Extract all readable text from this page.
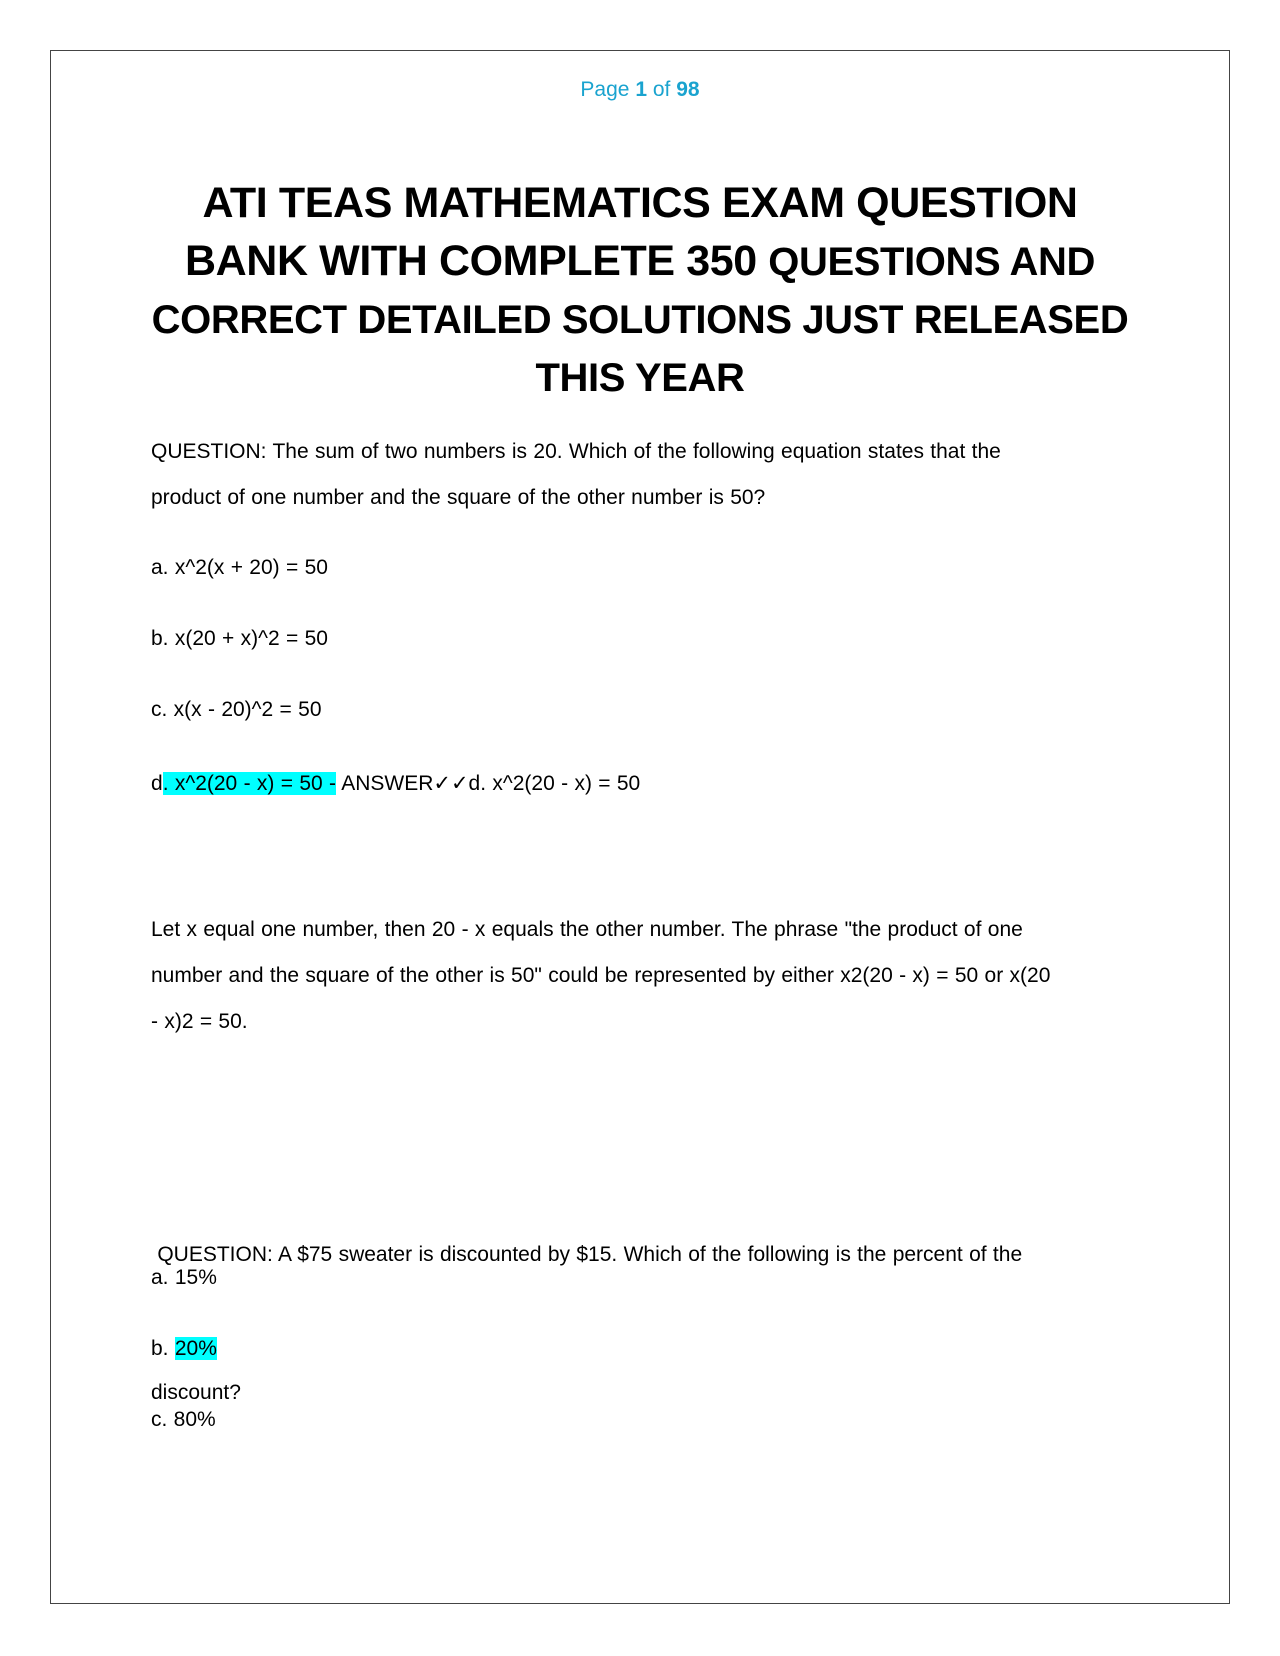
Page 1 of 98
ATI TEAS MATHEMATICS EXAM QUESTION
BANK WITH COMPLETE 350 QUESTIONS AND
CORRECT DETAILED SOLUTIONS JUST RELEASED
THIS YEAR
QUESTION: The sum of two numbers is 20. Which of the following equation states that the
product of one number and the square of the other number is 50?
a. x^2(x + 20) = 50
b. x(20 + x)^2 = 50
c. x(x - 20)^2 = 50
d. x^2(20 - x) = 50 - ANSWER✓✓d. x^2(20 - x) = 50
Let x equal one number, then 20 - x equals the other number. The phrase "the product of one
number and the square of the other is 50" could be represented by either x2(20 - x) = 50 or x(20
- x)2 = 50.

QUESTION: A $75 sweater is discounted by $15. Which of the following is the percent of the

discount?

a. 15%
b. 20%
c. 80%
